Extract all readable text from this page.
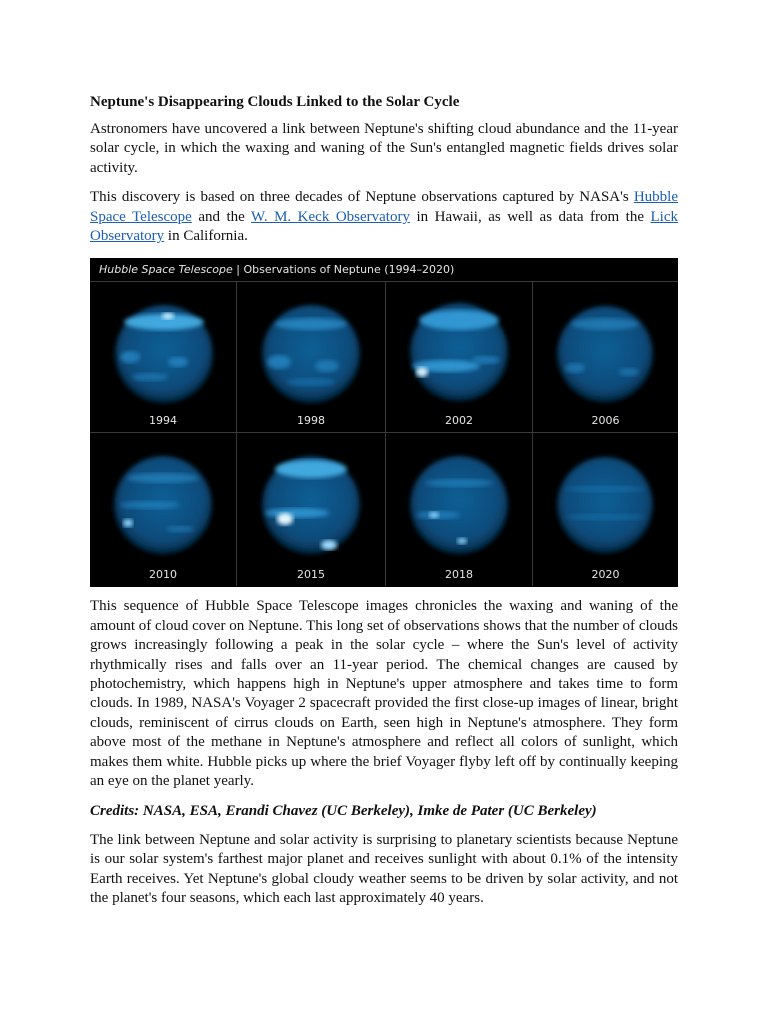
Neptune's Disappearing Clouds Linked to the Solar Cycle

Astronomers have uncovered a link between Neptune's shifting cloud abundance and the 11-year solar cycle, in which the waxing and waning of the Sun's entangled magnetic fields drives solar activity.

This discovery is based on three decades of Neptune observations captured by NASA's Hubble Space Telescope and the W. M. Keck Observatory in Hawaii, as well as data from the Lick Observatory in California.

Hubble Space Telescope | Observations of Neptune (1994–2020)
1994	1998	2002	2006
2010	2015	2018	2020

This sequence of Hubble Space Telescope images chronicles the waxing and waning of the amount of cloud cover on Neptune. This long set of observations shows that the number of clouds grows increasingly following a peak in the solar cycle – where the Sun's level of activity rhythmically rises and falls over an 11-year period. The chemical changes are caused by photochemistry, which happens high in Neptune's upper atmosphere and takes time to form clouds. In 1989, NASA's Voyager 2 spacecraft provided the first close-up images of linear, bright clouds, reminiscent of cirrus clouds on Earth, seen high in Neptune's atmosphere. They form above most of the methane in Neptune's atmosphere and reflect all colors of sunlight, which makes them white. Hubble picks up where the brief Voyager flyby left off by continually keeping an eye on the planet yearly.

Credits: NASA, ESA, Erandi Chavez (UC Berkeley), Imke de Pater (UC Berkeley)

The link between Neptune and solar activity is surprising to planetary scientists because Neptune is our solar system's farthest major planet and receives sunlight with about 0.1% of the intensity Earth receives. Yet Neptune's global cloudy weather seems to be driven by solar activity, and not the planet's four seasons, which each last approximately 40 years.
